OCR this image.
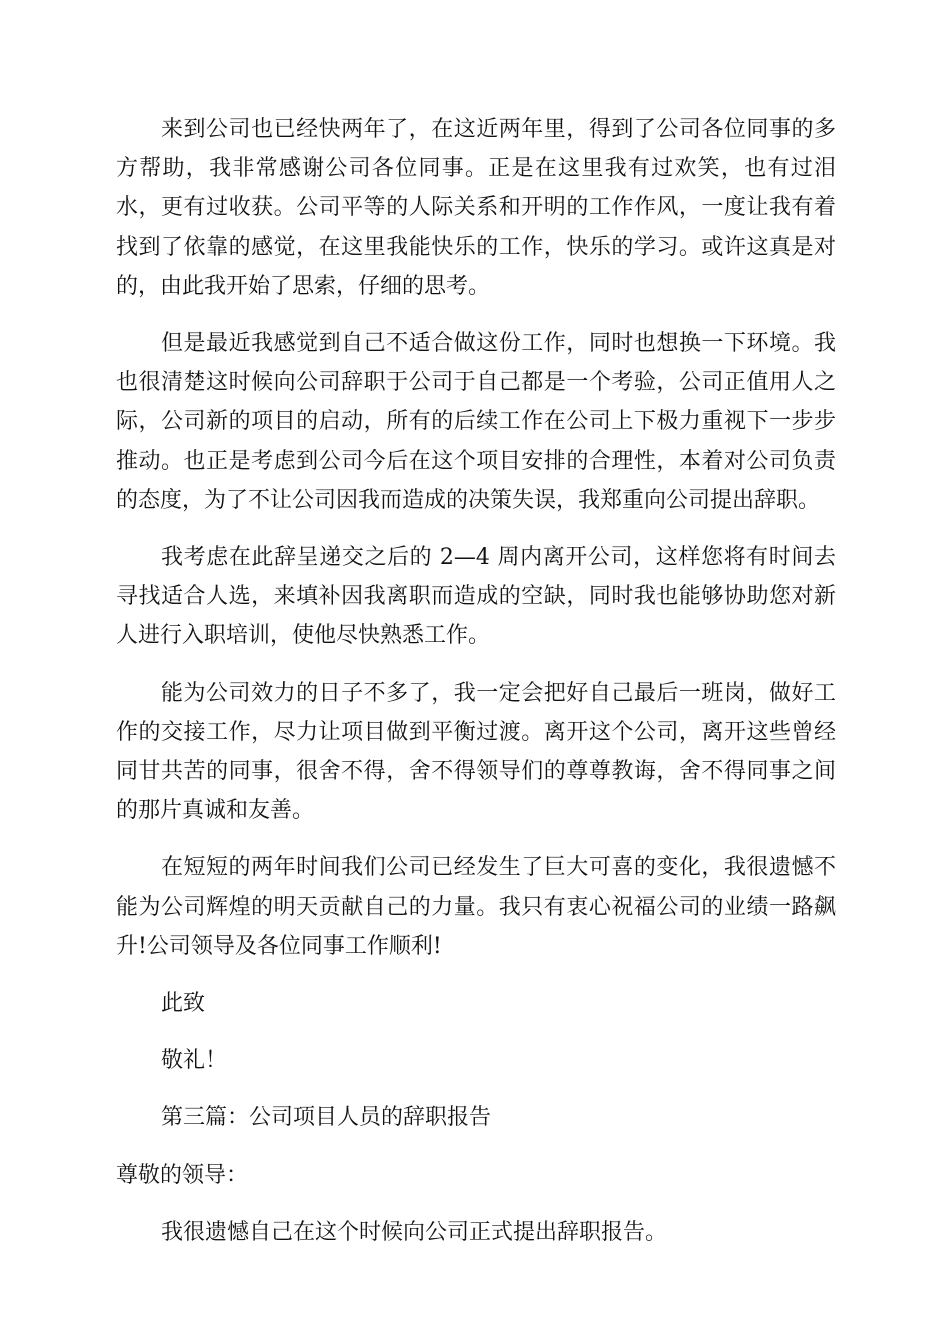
来到公司也已经快两年了，在这近两年里，得到了公司各位同事的多方帮助，我非常感谢公司各位同事。正是在这里我有过欢笑，也有过泪水，更有过收获。公司平等的人际关系和开明的工作作风，一度让我有着找到了依靠的感觉，在这里我能快乐的工作，快乐的学习。或许这真是对的，由此我开始了思索，仔细的思考。

但是最近我感觉到自己不适合做这份工作，同时也想换一下环境。我也很清楚这时候向公司辞职于公司于自己都是一个考验，公司正值用人之际，公司新的项目的启动，所有的后续工作在公司上下极力重视下一步步推动。也正是考虑到公司今后在这个项目安排的合理性，本着对公司负责的态度，为了不让公司因我而造成的决策失误，我郑重向公司提出辞职。

我考虑在此辞呈递交之后的 2—4 周内离开公司，这样您将有时间去寻找适合人选，来填补因我离职而造成的空缺，同时我也能够协助您对新人进行入职培训，使他尽快熟悉工作。

能为公司效力的日子不多了，我一定会把好自己最后一班岗，做好工作的交接工作，尽力让项目做到平衡过渡。离开这个公司，离开这些曾经同甘共苦的同事，很舍不得，舍不得领导们的尊尊教诲，舍不得同事之间的那片真诚和友善。

在短短的两年时间我们公司已经发生了巨大可喜的变化，我很遗憾不能为公司辉煌的明天贡献自己的力量。我只有衷心祝福公司的业绩一路飙升!公司领导及各位同事工作顺利!

此致

敬礼！

第三篇：公司项目人员的辞职报告

尊敬的领导：

我很遗憾自己在这个时候向公司正式提出辞职报告。
